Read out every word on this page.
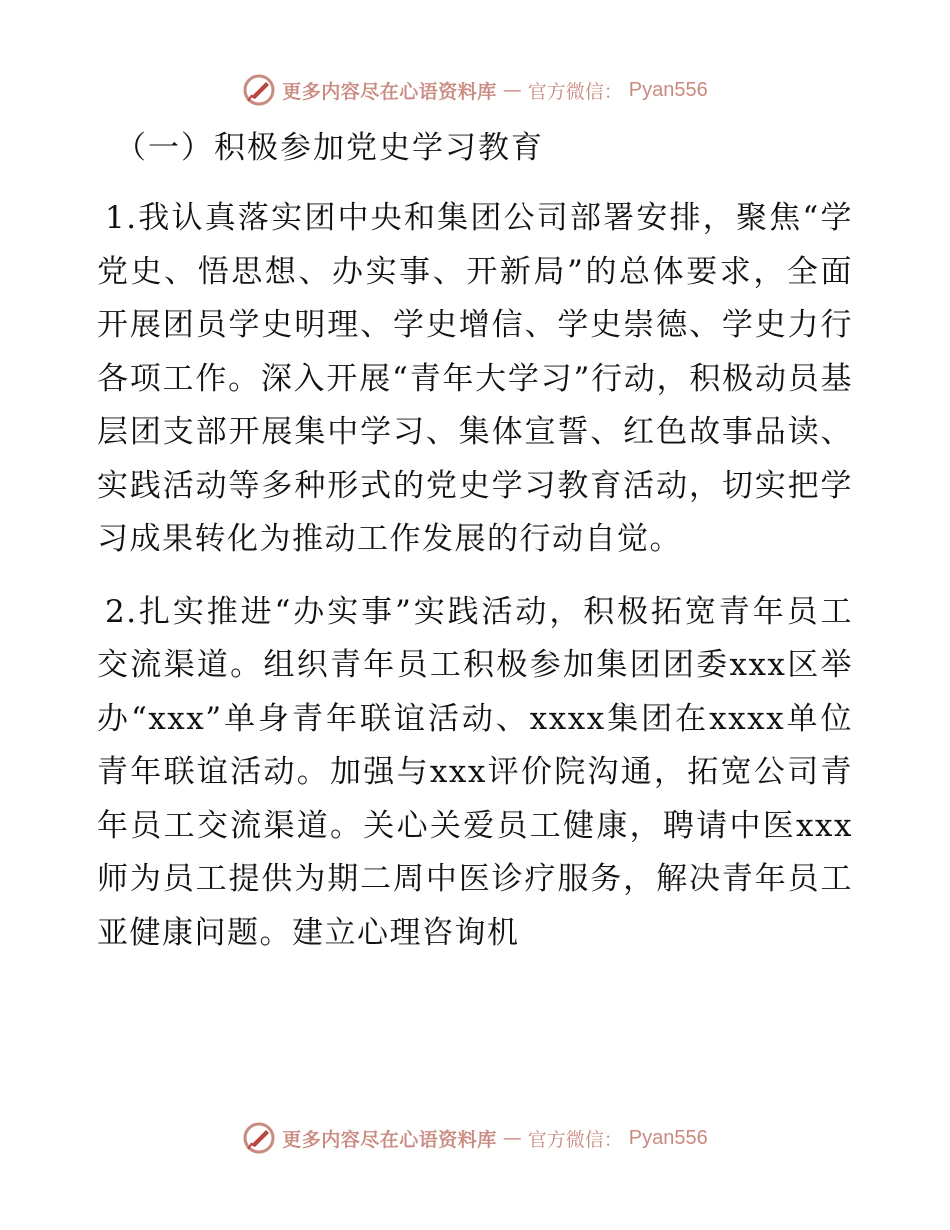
更多内容尽在心语资料库 — 官方微信： Pyan556
（一）积极参加党史学习教育

1.我认真落实团中央和集团公司部署安排，聚焦“学党史、悟思想、办实事、开新局”的总体要求，全面开展团员学史明理、学史增信、学史崇德、学史力行各项工作。深入开展“青年大学习”行动，积极动员基层团支部开展集中学习、集体宣誓、红色故事品读、实践活动等多种形式的党史学习教育活动，切实把学习成果转化为推动工作发展的行动自觉。

2.扎实推进“办实事”实践活动，积极拓宽青年员工交流渠道。组织青年员工积极参加集团团委xxx区举办“xxx”单身青年联谊活动、xxxx集团在xxxx单位青年联谊活动。加强与xxx评价院沟通，拓宽公司青年员工交流渠道。关心关爱员工健康，聘请中医xxx师为员工提供为期二周中医诊疗服务，解决青年员工亚健康问题。建立心理咨询机

更多内容尽在心语资料库 — 官方微信： Pyan556
